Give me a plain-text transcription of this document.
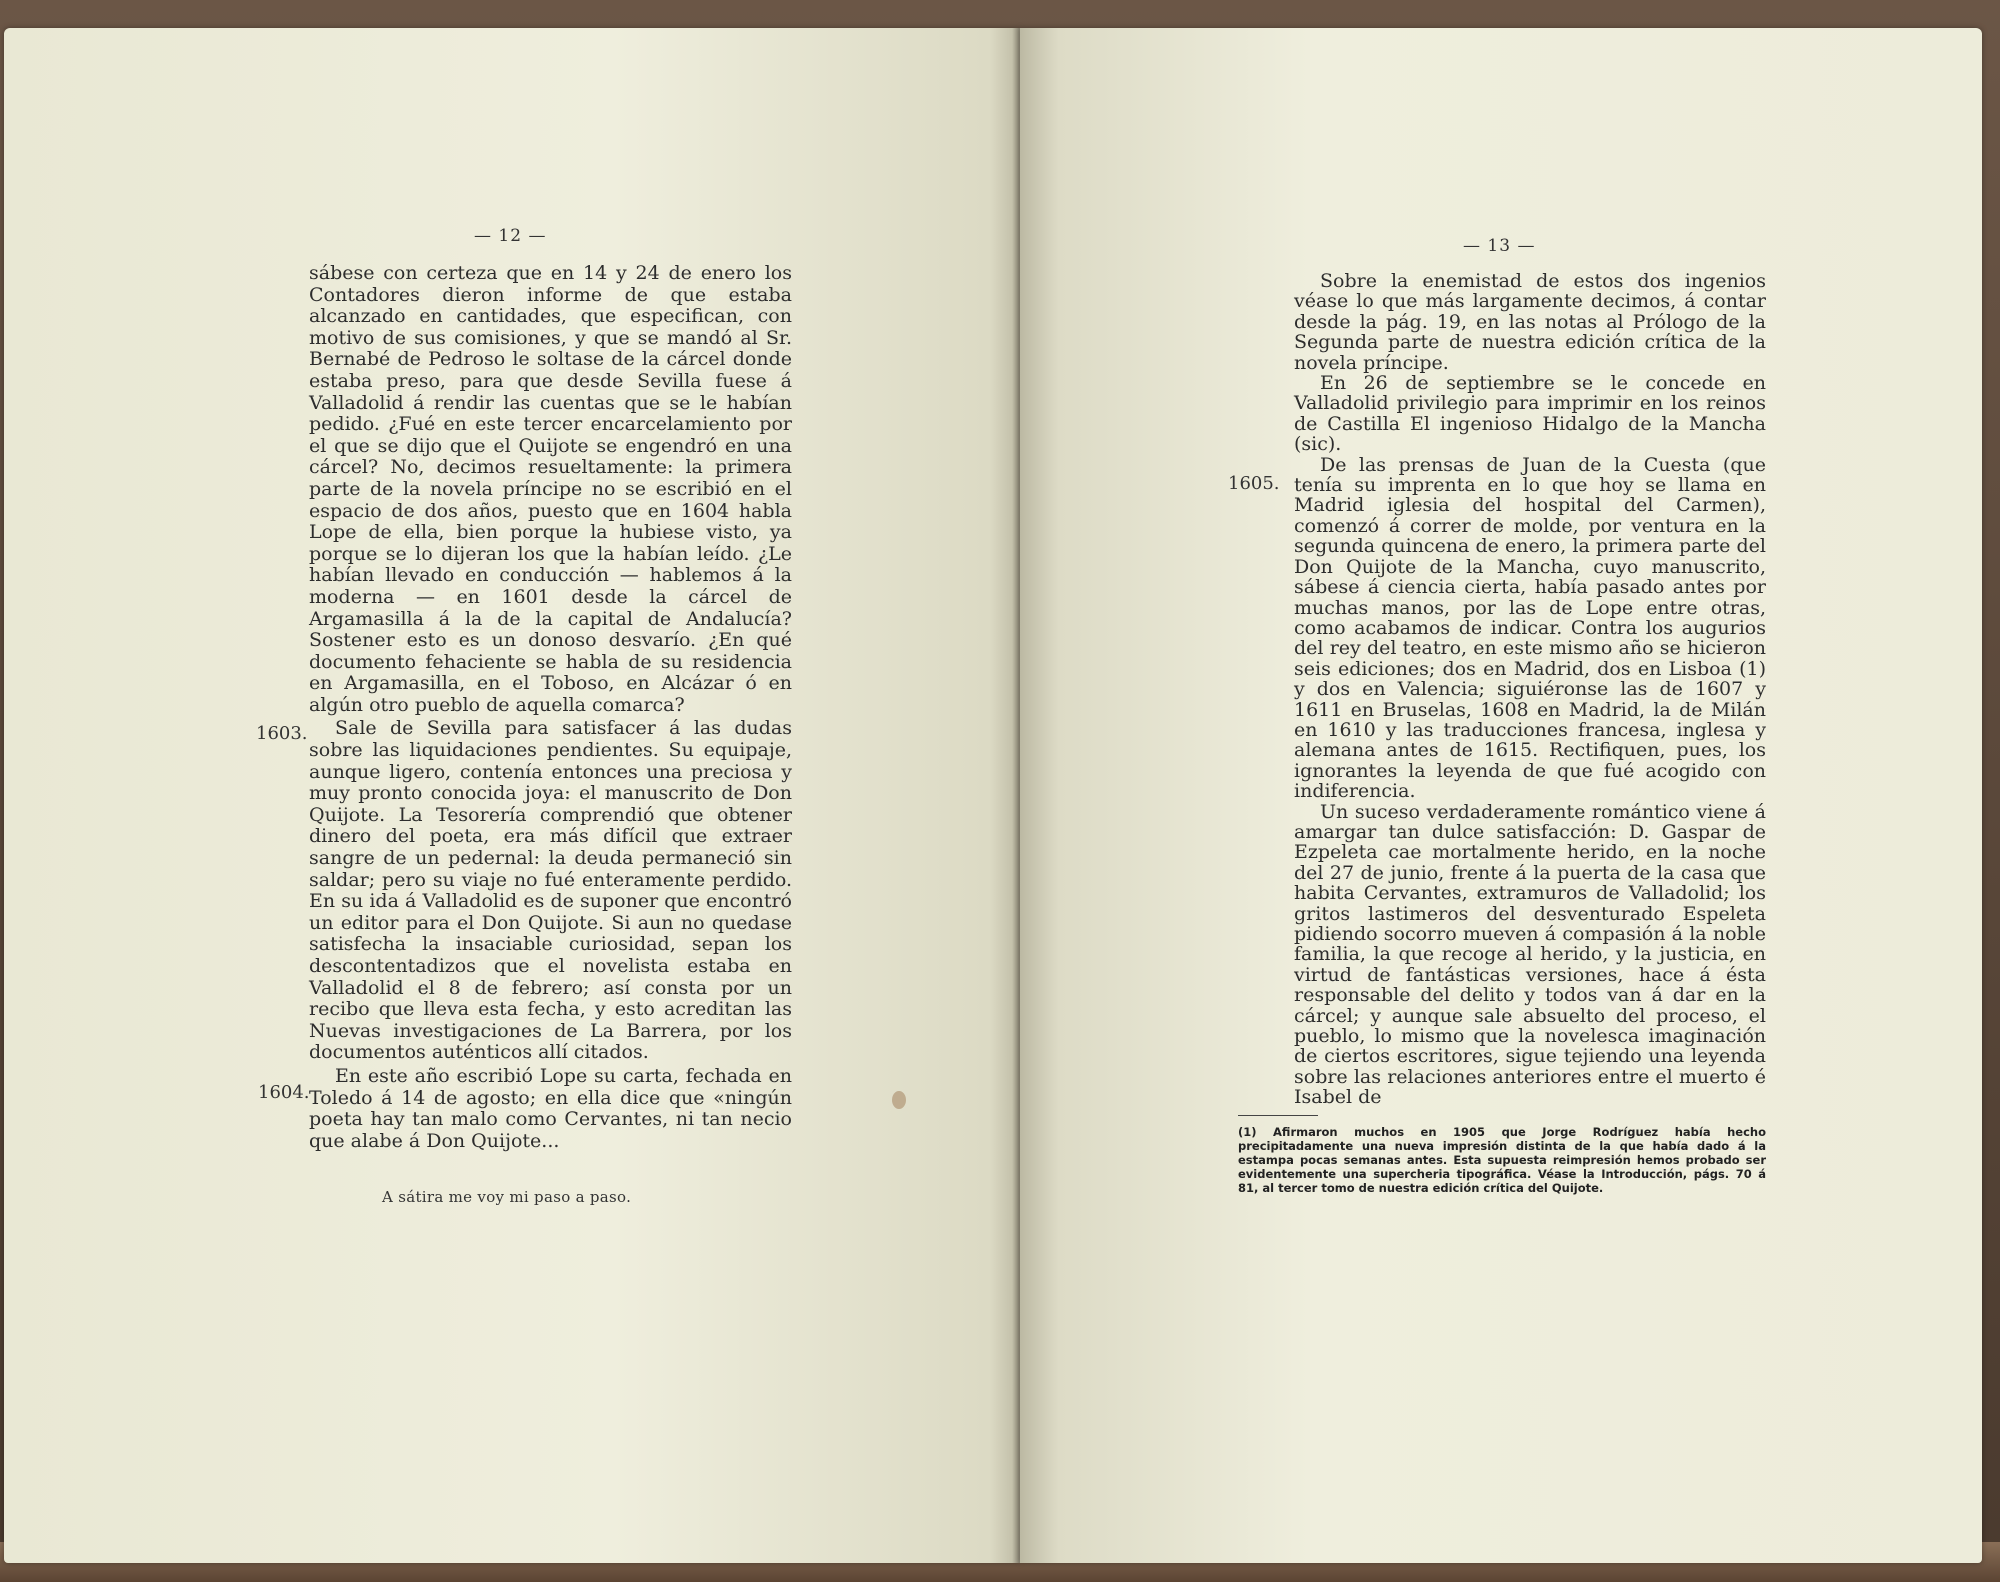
— 12 —

sábese con certeza que en 14 y 24 de enero los Contadores dieron informe de que estaba alcanzado en cantidades, que especifican, con motivo de sus comisiones, y que se mandó al Sr. Bernabé de Pedroso le soltase de la cárcel donde estaba preso, para que desde Sevilla fuese á Valladolid á rendir las cuentas que se le habían pedido. ¿Fué en este tercer encarcelamiento por el que se dijo que el Quijote se engendró en una cárcel? No, decimos resueltamente: la primera parte de la novela príncipe no se escribió en el espacio de dos años, puesto que en 1604 habla Lope de ella, bien porque la hubiese visto, ya porque se lo dijeran los que la habían leído. ¿Le habían llevado en conducción — hablemos á la moderna — en 1601 desde la cárcel de Argamasilla á la de la capital de Andalucía? Sostener esto es un donoso desvarío. ¿En qué documento fehaciente se habla de su residencia en Argamasilla, en el Toboso, en Alcázar ó en algún otro pueblo de aquella comarca?

Sale de Sevilla para satisfacer á las dudas sobre las liquidaciones pendientes. Su equipaje, aunque ligero, contenía entonces una preciosa y muy pronto conocida joya: el manuscrito de Don Quijote. La Tesorería comprendió que obtener dinero del poeta, era más difícil que extraer sangre de un pedernal: la deuda permaneció sin saldar; pero su viaje no fué enteramente perdido. En su ida á Valladolid es de suponer que encontró un editor para el Don Quijote. Si aun no quedase satisfecha la insaciable curiosidad, sepan los descontentadizos que el novelista estaba en Valladolid el 8 de febrero; así consta por un recibo que lleva esta fecha, y esto acreditan las Nuevas investigaciones de La Barrera, por los documentos auténticos allí citados.

En este año escribió Lope su carta, fechada en Toledo á 14 de agosto; en ella dice que «ningún poeta hay tan malo como Cervantes, ni tan necio que alabe á Don Quijote...

1603.
1604.
A sátira me voy mi paso a paso.
— 13 —

Sobre la enemistad de estos dos ingenios véase lo que más largamente decimos, á contar desde la pág. 19, en las notas al Prólogo de la Segunda parte de nuestra edición crítica de la novela príncipe.

En 26 de septiembre se le concede en Valladolid privilegio para imprimir en los reinos de Castilla El ingenioso Hidalgo de la Mancha (sic).

De las prensas de Juan de la Cuesta (que tenía su imprenta en lo que hoy se llama en Madrid iglesia del hospital del Carmen), comenzó á correr de molde, por ventura en la segunda quincena de enero, la primera parte del Don Quijote de la Mancha, cuyo manuscrito, sábese á ciencia cierta, había pasado antes por muchas manos, por las de Lope entre otras, como acabamos de indicar. Contra los augurios del rey del teatro, en este mismo año se hicieron seis ediciones; dos en Madrid, dos en Lisboa (1) y dos en Valencia; siguiéronse las de 1607 y 1611 en Bruselas, 1608 en Madrid, la de Milán en 1610 y las traducciones francesa, inglesa y alemana antes de 1615. Rectifiquen, pues, los ignorantes la leyenda de que fué acogido con indiferencia.

Un suceso verdaderamente romántico viene á amargar tan dulce satisfacción: D. Gaspar de Ezpeleta cae mortalmente herido, en la noche del 27 de junio, frente á la puerta de la casa que habita Cervantes, extramuros de Valladolid; los gritos lastimeros del desventurado Espeleta pidiendo socorro mueven á compasión á la noble familia, la que recoge al herido, y la justicia, en virtud de fantásticas versiones, hace á ésta responsable del delito y todos van á dar en la cárcel; y aunque sale absuelto del proceso, el pueblo, lo mismo que la novelesca imaginación de ciertos escritores, sigue tejiendo una leyenda sobre las relaciones anteriores entre el muerto é Isabel de

1605.
(1) Afirmaron muchos en 1905 que Jorge Rodríguez había hecho precipitadamente una nueva impresión distinta de la que había dado á la estampa pocas semanas antes. Esta supuesta reimpresión hemos probado ser evidentemente una supercheria tipográfica. Véase la Introducción, págs. 70 á 81, al tercer tomo de nuestra edición crítica del Quijote.
